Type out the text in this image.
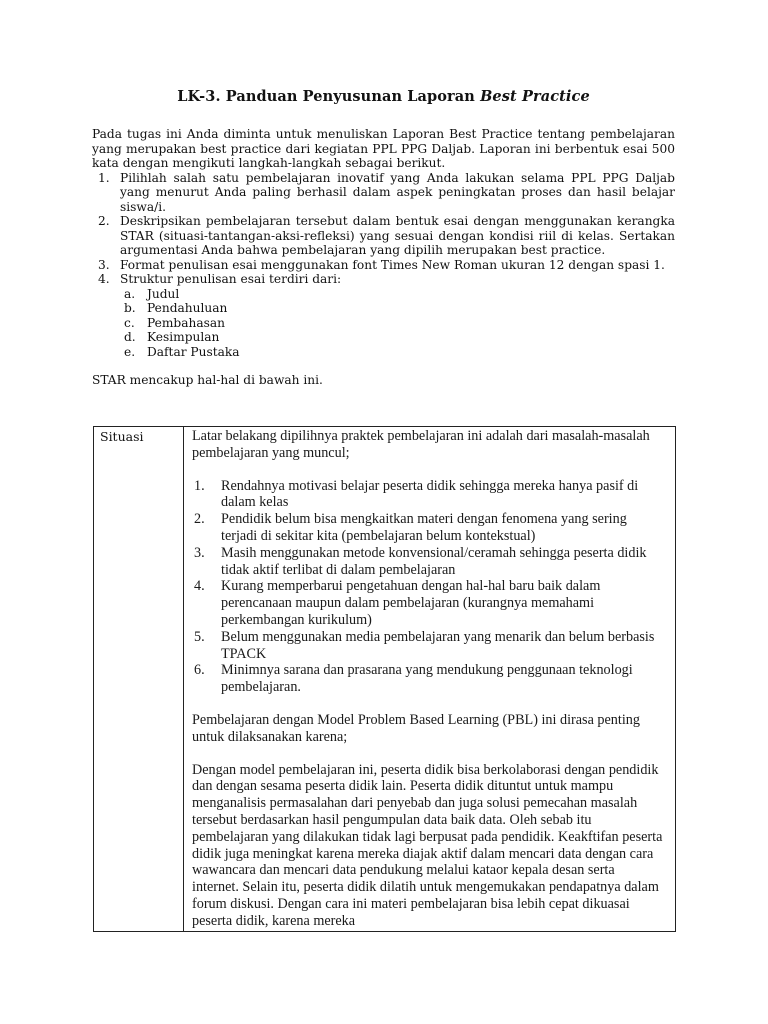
LK-3. Panduan Penyusunan Laporan Best Practice

Pada tugas ini Anda diminta untuk menuliskan Laporan Best Practice tentang pembelajaran yang merupakan best practice dari kegiatan PPL PPG Daljab. Laporan ini berbentuk esai 500 kata dengan mengikuti langkah-langkah sebagai berikut.

1. Pilihlah salah satu pembelajaran inovatif yang Anda lakukan selama PPL PPG Daljab yang menurut Anda paling berhasil dalam aspek peningkatan proses dan hasil belajar siswa/i.
2. Deskripsikan pembelajaran tersebut dalam bentuk esai dengan menggunakan kerangka STAR (situasi-tantangan-aksi-refleksi) yang sesuai dengan kondisi riil di kelas. Sertakan argumentasi Anda bahwa pembelajaran yang dipilih merupakan best practice.
3. Format penulisan esai menggunakan font Times New Roman ukuran 12 dengan spasi 1.
4. Struktur penulisan esai terdiri dari:
a. Judul
b. Pendahuluan
c. Pembahasan
d. Kesimpulan
e. Daftar Pustaka

STAR mencakup hal-hal di bawah ini.

Situasi	Latar belakang dipilihnya praktek pembelajaran ini adalah dari masalah-masalah pembelajaran yang muncul;

1. Rendahnya motivasi belajar peserta didik sehingga mereka hanya pasif di dalam kelas
2. Pendidik belum bisa mengkaitkan materi dengan fenomena yang sering terjadi di sekitar kita (pembelajaran belum kontekstual)
3. Masih menggunakan metode konvensional/ceramah sehingga peserta didik tidak aktif terlibat di dalam pembelajaran
4. Kurang memperbarui pengetahuan dengan hal-hal baru baik dalam perencanaan maupun dalam pembelajaran (kurangnya memahami perkembangan kurikulum)
5. Belum menggunakan media pembelajaran yang menarik dan belum berbasis TPACK
6. Minimnya sarana dan prasarana yang mendukung penggunaan teknologi pembelajaran.

Pembelajaran dengan Model Problem Based Learning (PBL) ini dirasa penting untuk dilaksanakan karena;

Dengan model pembelajaran ini, peserta didik bisa berkolaborasi dengan pendidik dan dengan sesama peserta didik lain. Peserta didik dituntut untuk mampu menganalisis permasalahan dari penyebab dan juga solusi pemecahan masalah tersebut berdasarkan hasil pengumpulan data baik data. Oleh sebab itu pembelajaran yang dilakukan tidak lagi berpusat pada pendidik. Keakftifan peserta didik juga meningkat karena mereka diajak aktif dalam mencari data dengan cara wawancara dan mencari data pendukung melalui kataor kepala desan serta internet. Selain itu, peserta didik dilatih untuk mengemukakan pendapatnya dalam forum diskusi. Dengan cara ini materi pembelajaran bisa lebih cepat dikuasai peserta didik, karena mereka
